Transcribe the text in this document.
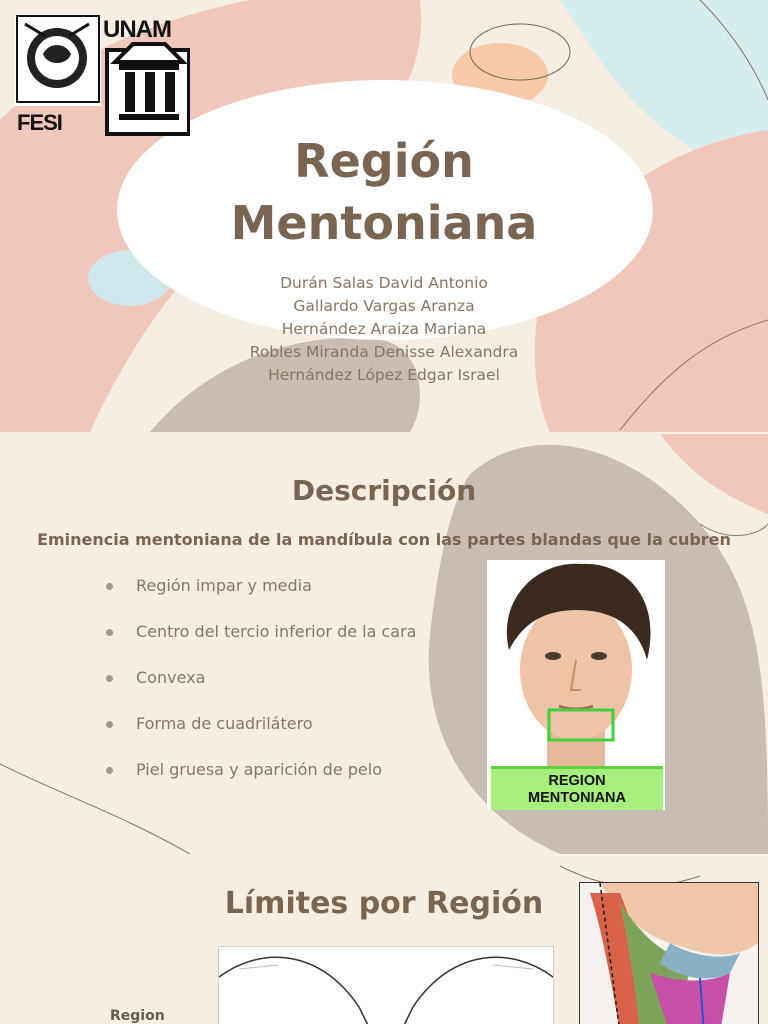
UNAM
FESI
Región
Mentoniana
Durán Salas David Antonio
Gallardo Vargas Aranza
Hernández Araiza Mariana
Robles Miranda Denisse Alexandra
Hernández López Edgar Israel
Descripción
Eminencia mentoniana de la mandíbula con las partes blandas que la cubren
Región impar y media
Centro del tercio inferior de la cara
Convexa
Forma de cuadrilátero
Piel gruesa y aparición de pelo
REGION
MENTONIANA
Límites por Región
Region
